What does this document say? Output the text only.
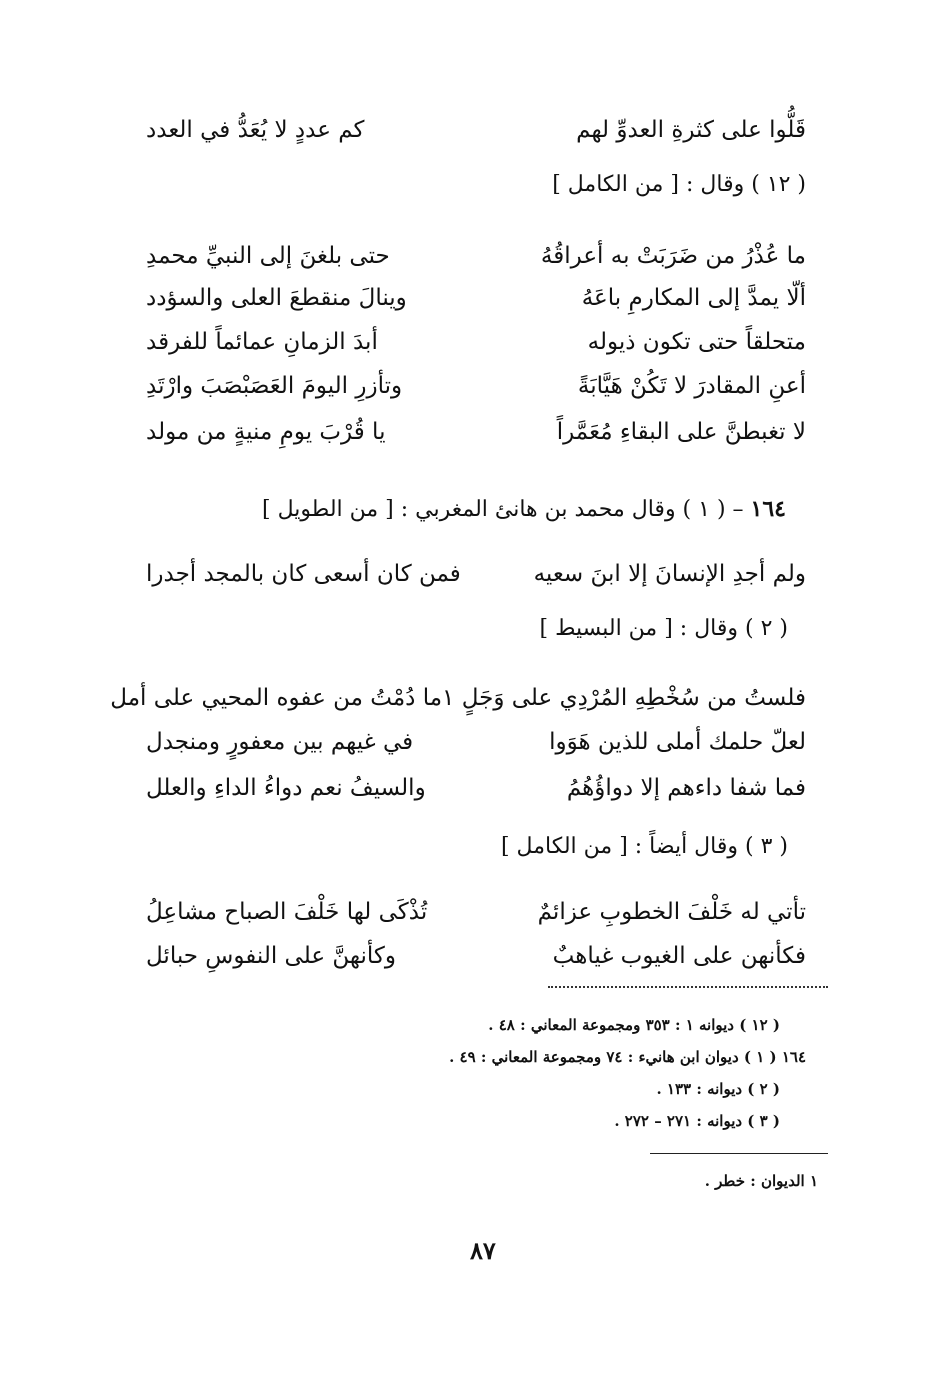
قَلُّوا على كثرةِ العدوِّ لهم
كم عددٍ لا يُعَدُّ في العدد
( ١٢ ) وقال : [ من الكامل ]
ما عُذْرُ من ضَرَبَتْ به أعراقُهُ
حتى بلغنَ إلى النبيِّ محمدِ
ألّا يمدَّ إلى المكارمِ باعَهُ
وينالَ منقطعَ العلى والسؤدد
متحلقاً حتى تكون ذيوله
أبدَ الزمانِ عمائماً للفرقد
أعنِ المقادرَ لا تَكُنْ هَيَّابَةً
وتأزرِ اليومَ العَصَبْصَبَ وارْتَدِ
لا تغبطنَّ على البقاءِ مُعَمَّراً
يا قُرْبَ يومِ منيةٍ من مولد
١٦٤ – ( ١ ) وقال محمد بن هانئ المغربي : [ من الطويل ]
ولم أجدِ الإنسانَ إلا ابنَ سعيه
فمن كان أسعى كان بالمجد أجدرا
( ٢ ) وقال : [ من البسيط ]
فلستُ من سُخْطِهِ المُرْدِي على وَجَلٍ ١
ما دُمْتُ من عفوه المحيي على أمل
لعلّ حلمك أملى للذين هَوَوا
في غيهم بين معفورٍ ومنجدل
فما شفا داءهم إلا دواؤُهُمُ
والسيفُ نعم دواءُ الداءِ والعلل
( ٣ ) وقال أيضاً : [ من الكامل ]
تأتي له خَلْفَ الخطوبِ عزائمٌ
تُذْكَى لها خَلْفَ الصباح مشاعِلُ
فكأنهن على الغيوب غياهبٌ
وكأنهنَّ على النفوسِ حبائل
( ١٢ ) ديوانه ١ : ٣٥٣ ومجموعة المعاني : ٤٨ .
١٦٤ ( ١ ) ديوان ابن هانيء : ٧٤ ومجموعة المعاني : ٤٩ .
( ٢ ) ديوانه : ١٣٣ .
( ٣ ) ديوانه : ٢٧١ – ٢٧٢ .
١ الديوان : خطر .
٨٧
